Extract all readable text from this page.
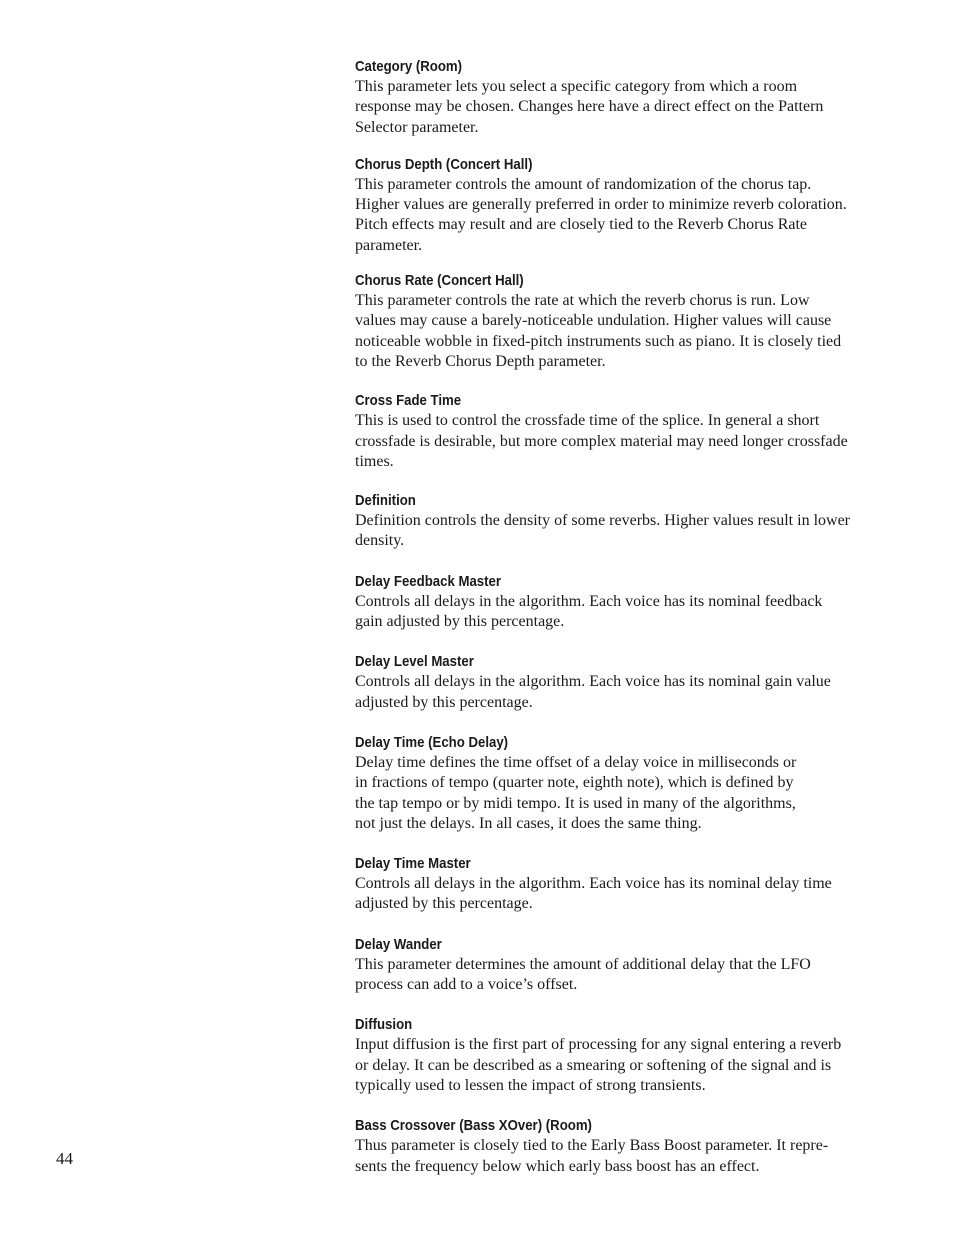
Category (Room)

This parameter lets you select a specific category from which a room
response may be chosen. Changes here have a direct effect on the Pattern
Selector parameter.

Chorus Depth (Concert Hall)

This parameter controls the amount of randomization of the chorus tap.
Higher values are generally preferred in order to minimize reverb coloration.
Pitch effects may result and are closely tied to the Reverb Chorus Rate
parameter.

Chorus Rate (Concert Hall)

This parameter controls the rate at which the reverb chorus is run. Low
values may cause a barely-noticeable undulation. Higher values will cause
noticeable wobble in fixed-pitch instruments such as piano. It is closely tied
to the Reverb Chorus Depth parameter.

Cross Fade Time

This is used to control the crossfade time of the splice. In general a short
crossfade is desirable, but more complex material may need longer crossfade
times.

Definition

Definition controls the density of some reverbs. Higher values result in lower
density.

Delay Feedback Master

Controls all delays in the algorithm. Each voice has its nominal feedback
gain adjusted by this percentage.

Delay Level Master

Controls all delays in the algorithm. Each voice has its nominal gain value
adjusted by this percentage.

Delay Time (Echo Delay)

Delay time defines the time offset of a delay voice in milliseconds or
in fractions of tempo (quarter note, eighth note), which is defined by
the tap tempo or by midi tempo. It is used in many of the algorithms,
not just the delays. In all cases, it does the same thing.

Delay Time Master

Controls all delays in the algorithm. Each voice has its nominal delay time
adjusted by this percentage.

Delay Wander

This parameter determines the amount of additional delay that the LFO
process can add to a voice’s offset.

Diffusion

Input diffusion is the first part of processing for any signal entering a reverb
or delay. It can be described as a smearing or softening of the signal and is
typically used to lessen the impact of strong transients.

Bass Crossover (Bass XOver) (Room)

Thus parameter is closely tied to the Early Bass Boost parameter. It repre-
sents the frequency below which early bass boost has an effect.

44
